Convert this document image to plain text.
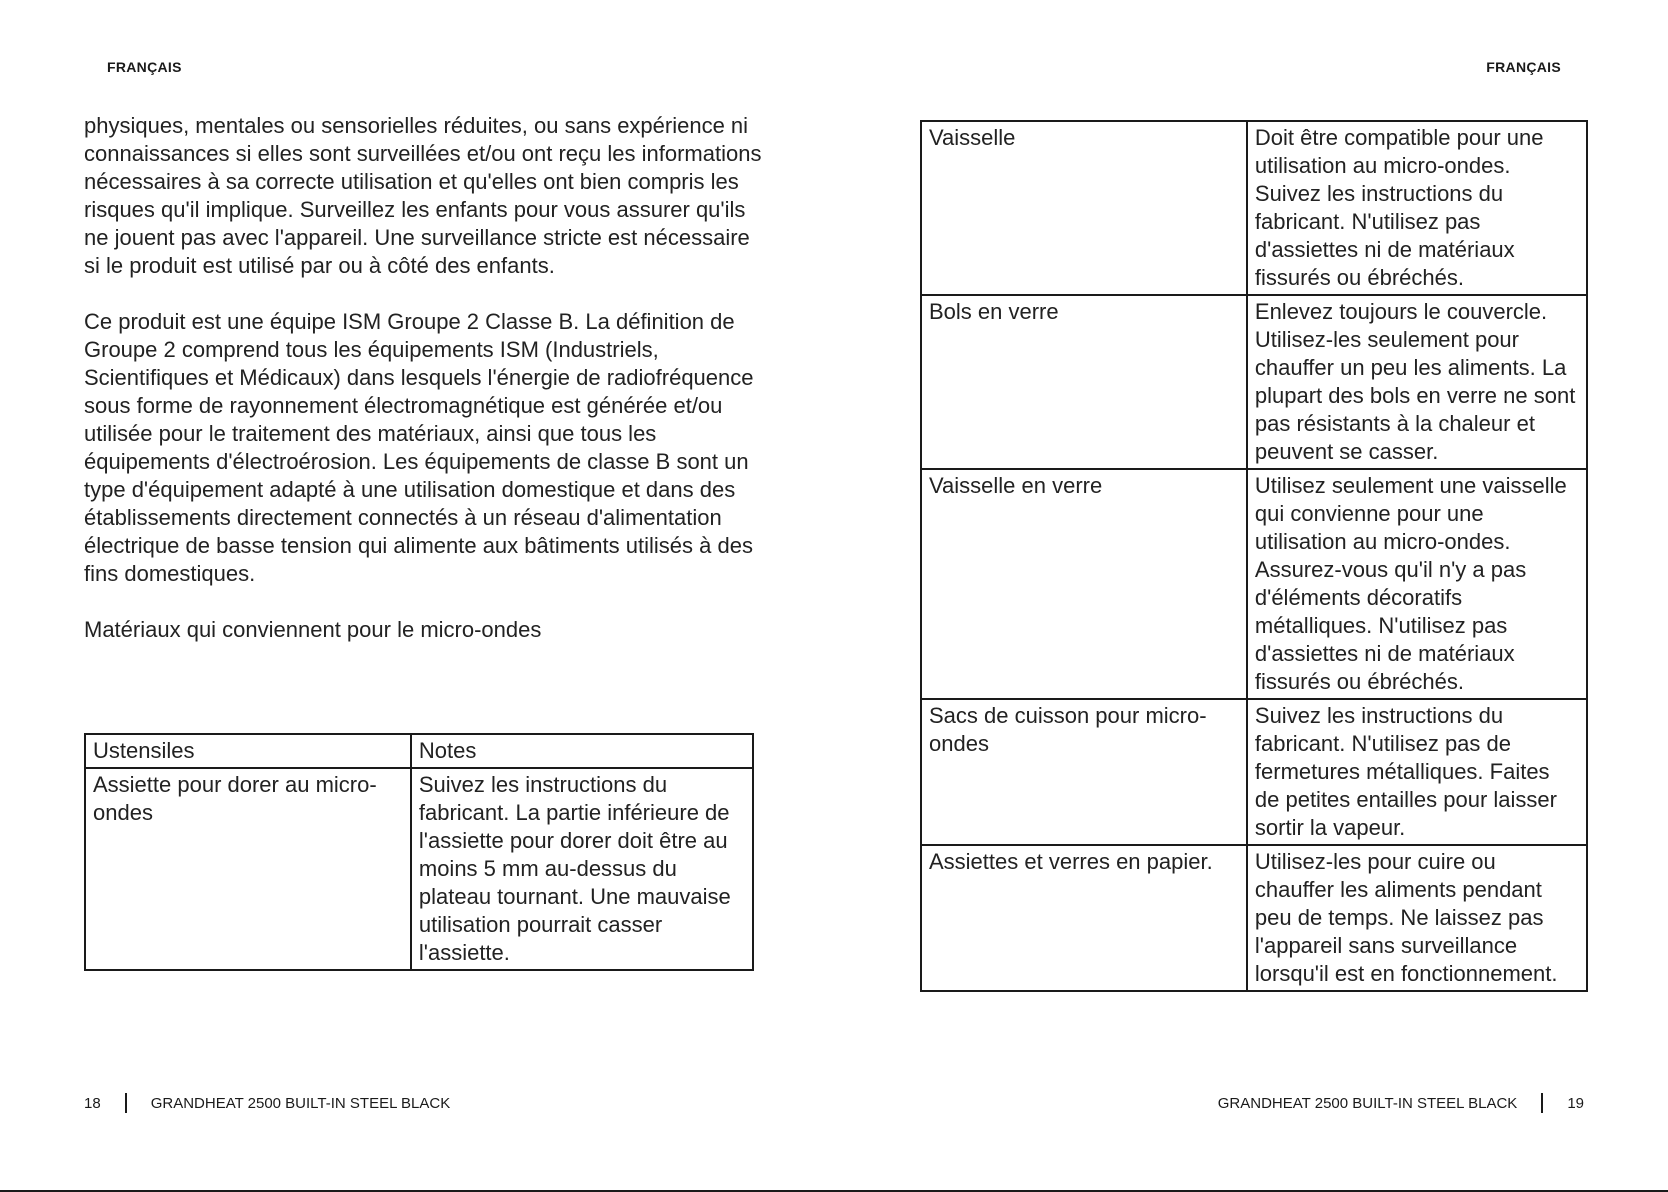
FRANÇAIS

physiques, mentales ou sensorielles réduites, ou sans expérience ni connaissances si elles sont surveillées et/ou ont reçu les informations nécessaires à sa correcte utilisation et qu'elles ont bien compris les risques qu'il implique. Surveillez les enfants pour vous assurer qu'ils ne jouent pas avec l'appareil. Une surveillance stricte est nécessaire si le produit est utilisé par ou à côté des enfants.

Ce produit est une équipe ISM Groupe 2 Classe B. La définition de Groupe 2 comprend tous les équipements ISM (Industriels, Scientifiques et Médicaux) dans lesquels l'énergie de radiofréquence sous forme de rayonnement électromagnétique est générée et/ou utilisée pour le traitement des matériaux, ainsi que tous les équipements d'électroérosion. Les équipements de classe B sont un type d'équipement adapté à une utilisation domestique et dans des établissements directement connectés à un réseau d'alimentation électrique de basse tension qui alimente aux bâtiments utilisés à des fins domestiques.

Matériaux qui conviennent pour le micro-ondes

Ustensiles	Notes
Assiette pour dorer au micro-ondes	Suivez les instructions du fabricant. La partie inférieure de l'assiette pour dorer doit être au moins 5 mm au-dessus du plateau tournant. Une mauvaise utilisation pourrait casser l'assiette.
18	GRANDHEAT 2500 BUILT-IN STEEL BLACK
FRANÇAIS
GRANDHEAT 2500 BUILT-IN STEEL BLACK	19
Vaisselle	Doit être compatible pour une utilisation au micro-ondes. Suivez les instructions du fabricant. N'utilisez pas d'assiettes ni de matériaux fissurés ou ébréchés.
Bols en verre	Enlevez toujours le couvercle. Utilisez-les seulement pour chauffer un peu les aliments. La plupart des bols en verre ne sont pas résistants à la chaleur et peuvent se casser.
Vaisselle en verre	Utilisez seulement une vaisselle qui convienne pour une utilisation au micro-ondes. Assurez-vous qu'il n'y a pas d'éléments décoratifs métalliques. N'utilisez pas d'assiettes ni de matériaux fissurés ou ébréchés.
Sacs de cuisson pour micro-ondes	Suivez les instructions du fabricant. N'utilisez pas de fermetures métalliques. Faites de petites entailles pour laisser sortir la vapeur.
Assiettes et verres en papier.	Utilisez-les pour cuire ou chauffer les aliments pendant peu de temps. Ne laissez pas l'appareil sans surveillance lorsqu'il est en fonctionnement.
